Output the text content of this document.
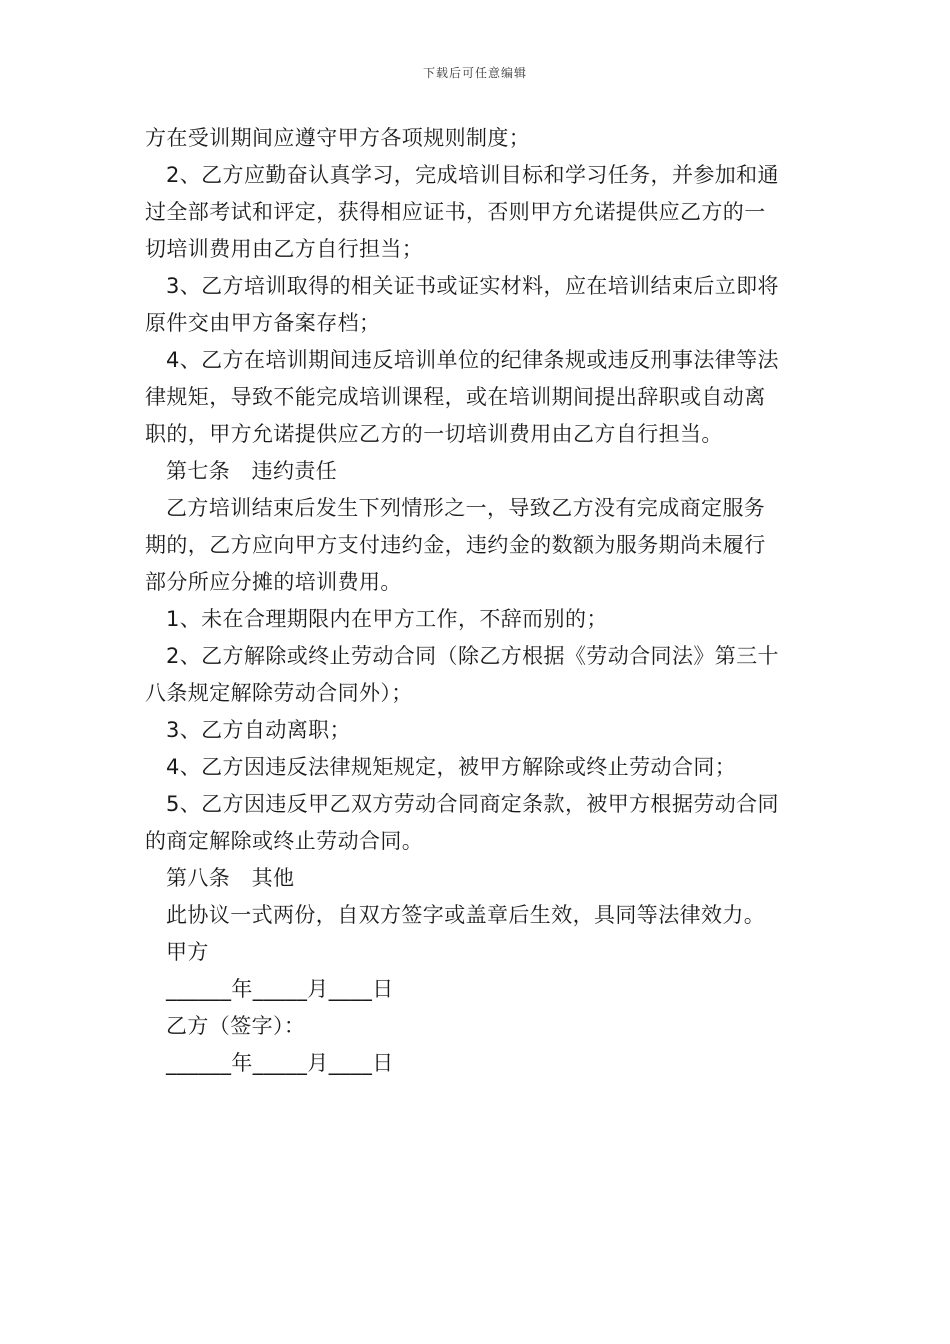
下载后可任意编辑

方在受训期间应遵守甲方各项规则制度；

2、乙方应勤奋认真学习，完成培训目标和学习任务，并参加和通

过全部考试和评定，获得相应证书，否则甲方允诺提供应乙方的一

切培训费用由乙方自行担当；

3、乙方培训取得的相关证书或证实材料，应在培训结束后立即将

原件交由甲方备案存档；

4、乙方在培训期间违反培训单位的纪律条规或违反刑事法律等法

律规矩，导致不能完成培训课程，或在培训期间提出辞职或自动离

职的，甲方允诺提供应乙方的一切培训费用由乙方自行担当。

第七条　违约责任

乙方培训结束后发生下列情形之一，导致乙方没有完成商定服务

期的，乙方应向甲方支付违约金，违约金的数额为服务期尚未履行

部分所应分摊的培训费用。

1、未在合理期限内在甲方工作，不辞而别的；

2、乙方解除或终止劳动合同（除乙方根据《劳动合同法》第三十

八条规定解除劳动合同外）；

3、乙方自动离职；

4、乙方因违反法律规矩规定，被甲方解除或终止劳动合同；

5、乙方因违反甲乙双方劳动合同商定条款，被甲方根据劳动合同

的商定解除或终止劳动合同。

第八条　其他

此协议一式两份，自双方签字或盖章后生效，具同等法律效力。

甲方

______年_____月____日

乙方（签字）：

______年_____月____日
